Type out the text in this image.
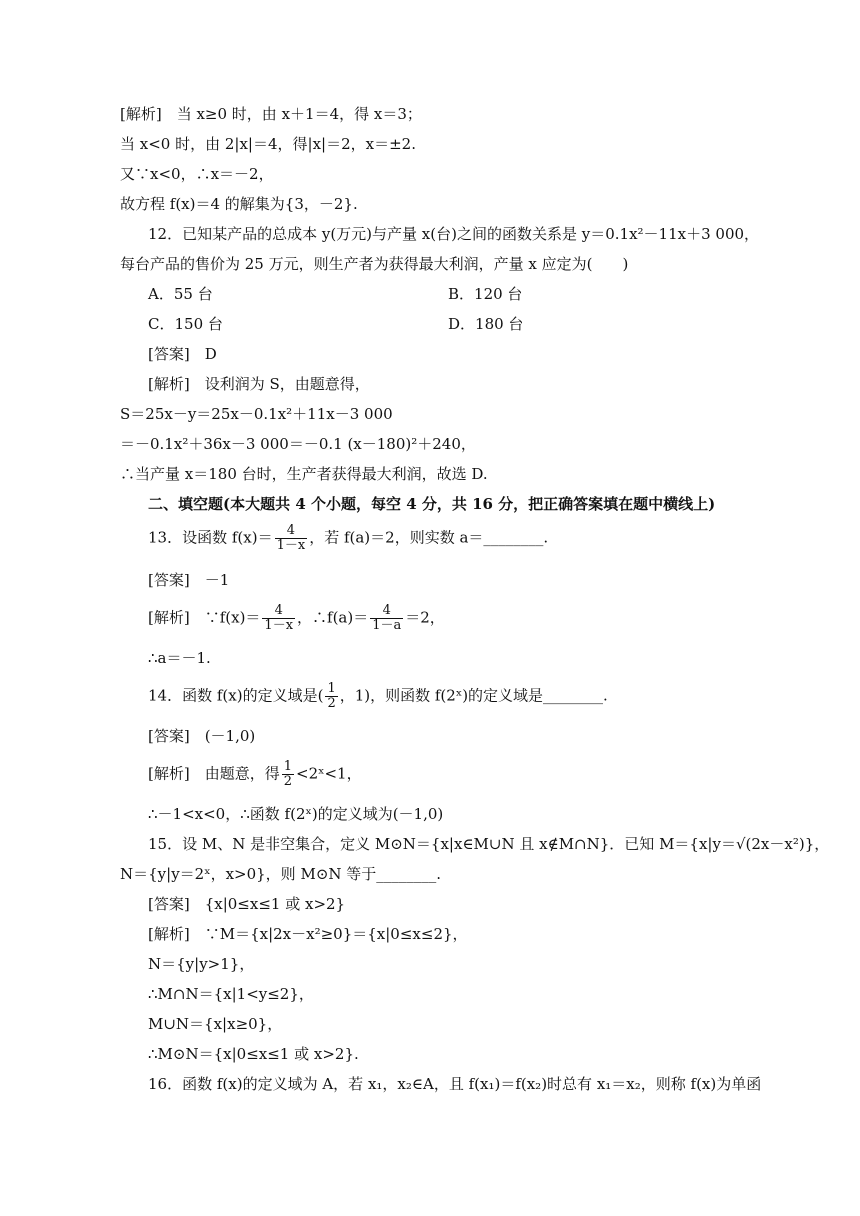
[解析]　当 x≥0 时，由 x＋1＝4，得 x＝3；
当 x<0 时，由 2|x|＝4，得|x|＝2，x＝±2.
又∵x<0，∴x＝－2，
故方程 f(x)＝4 的解集为{3，－2}.
12．已知某产品的总成本 y(万元)与产量 x(台)之间的函数关系是 y＝0.1x²－11x＋3 000，
每台产品的售价为 25 万元，则生产者为获得最大利润，产量 x 应定为(　　)
A．55 台	B．120 台
C．150 台	D．180 台
[答案]　D
[解析]　设利润为 S，由题意得，
S＝25x－y＝25x－0.1x²＋11x－3 000
＝－0.1x²＋36x－3 000＝－0.1 (x－180)²＋240，
∴当产量 x＝180 台时，生产者获得最大利润，故选 D.
二、填空题(本大题共 4 个小题，每空 4 分，共 16 分，把正确答案填在题中横线上)
13．设函数 $f(x)= \frac{4}{1-x}$ ，若 f(a)＝2，则实数 a＝________.
[答案]　－1
[解析]　∵f(x)＝ $\frac{4}{1-x}$ ，∴f(a)＝ $\frac{4}{1-a} =2$，
∴a＝－1.
14．函数 f(x)的定义域是( $\frac{1}{2}$ ，1)，则函数 f(2ˣ)的定义域是________.
[答案]　(－1,0)
[解析]　由题意，得 $\frac{1}{2}$ <2ˣ<1，
∴－1<x<0，∴函数 f(2ˣ)的定义域为(－1,0)
15．设 M、N 是非空集合，定义 M⊙N＝{x|x∈M∪N 且 x∉M∩N}．已知 M＝{x|y＝√(2x－x²)}，
N＝{y|y＝2ˣ，x>0}，则 M⊙N 等于________.
[答案]　{x|0≤x≤1 或 x>2}
[解析]　∵M＝{x|2x－x²≥0}＝{x|0≤x≤2}，
N＝{y|y>1}，
∴M∩N＝{x|1<y≤2}，
M∪N＝{x|x≥0}，
∴M⊙N＝{x|0≤x≤1 或 x>2}.
16．函数 f(x)的定义域为 A，若 x₁，x₂∈A，且 f(x₁)＝f(x₂)时总有 x₁＝x₂，则称 f(x)为单函
